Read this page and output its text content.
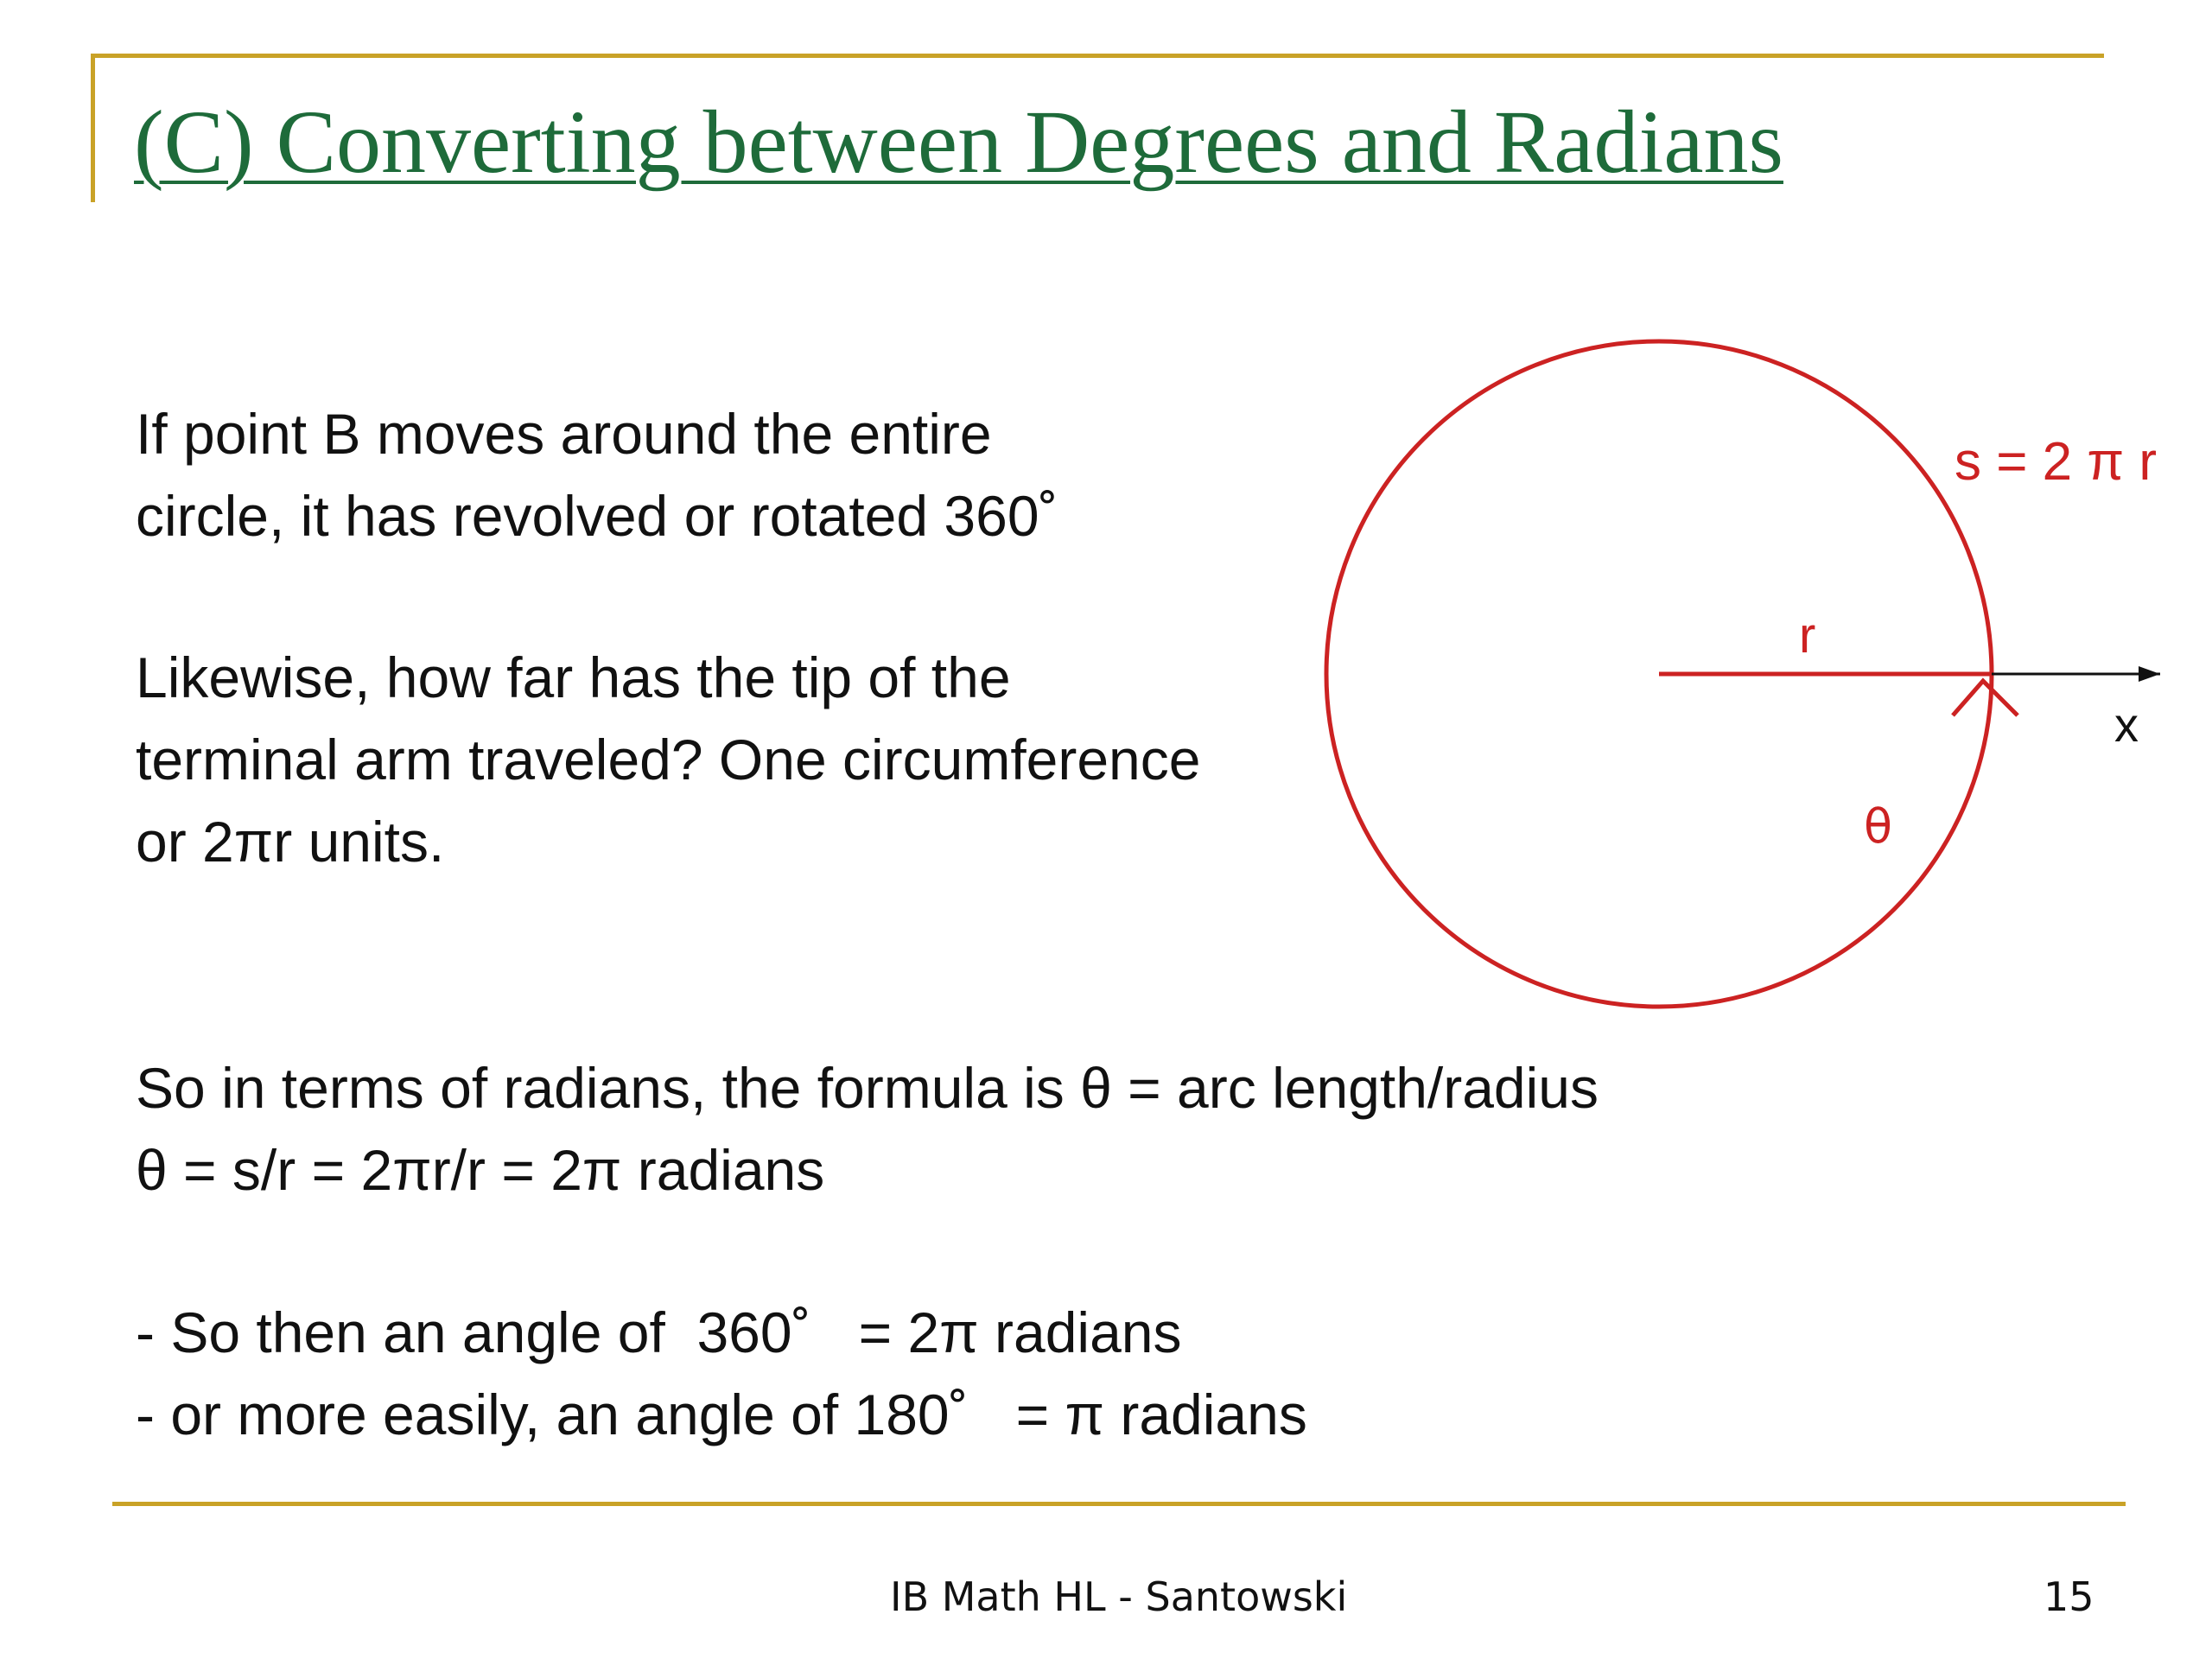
(C) Converting between Degrees and Radians

If point B moves around the entire
circle, it has revolved or rotated 360˚

Likewise, how far has the tip of the
terminal arm traveled? One circumference
or 2πr units.

So in terms of radians, the formula is θ = arc length/radius
θ = s/r = 2πr/r = 2π radians

- So then an angle of  360˚   = 2π radians
- or more easily, an angle of 180˚   = π radians

s = 2 π r
r
θ
x
IB Math HL - Santowski	15
